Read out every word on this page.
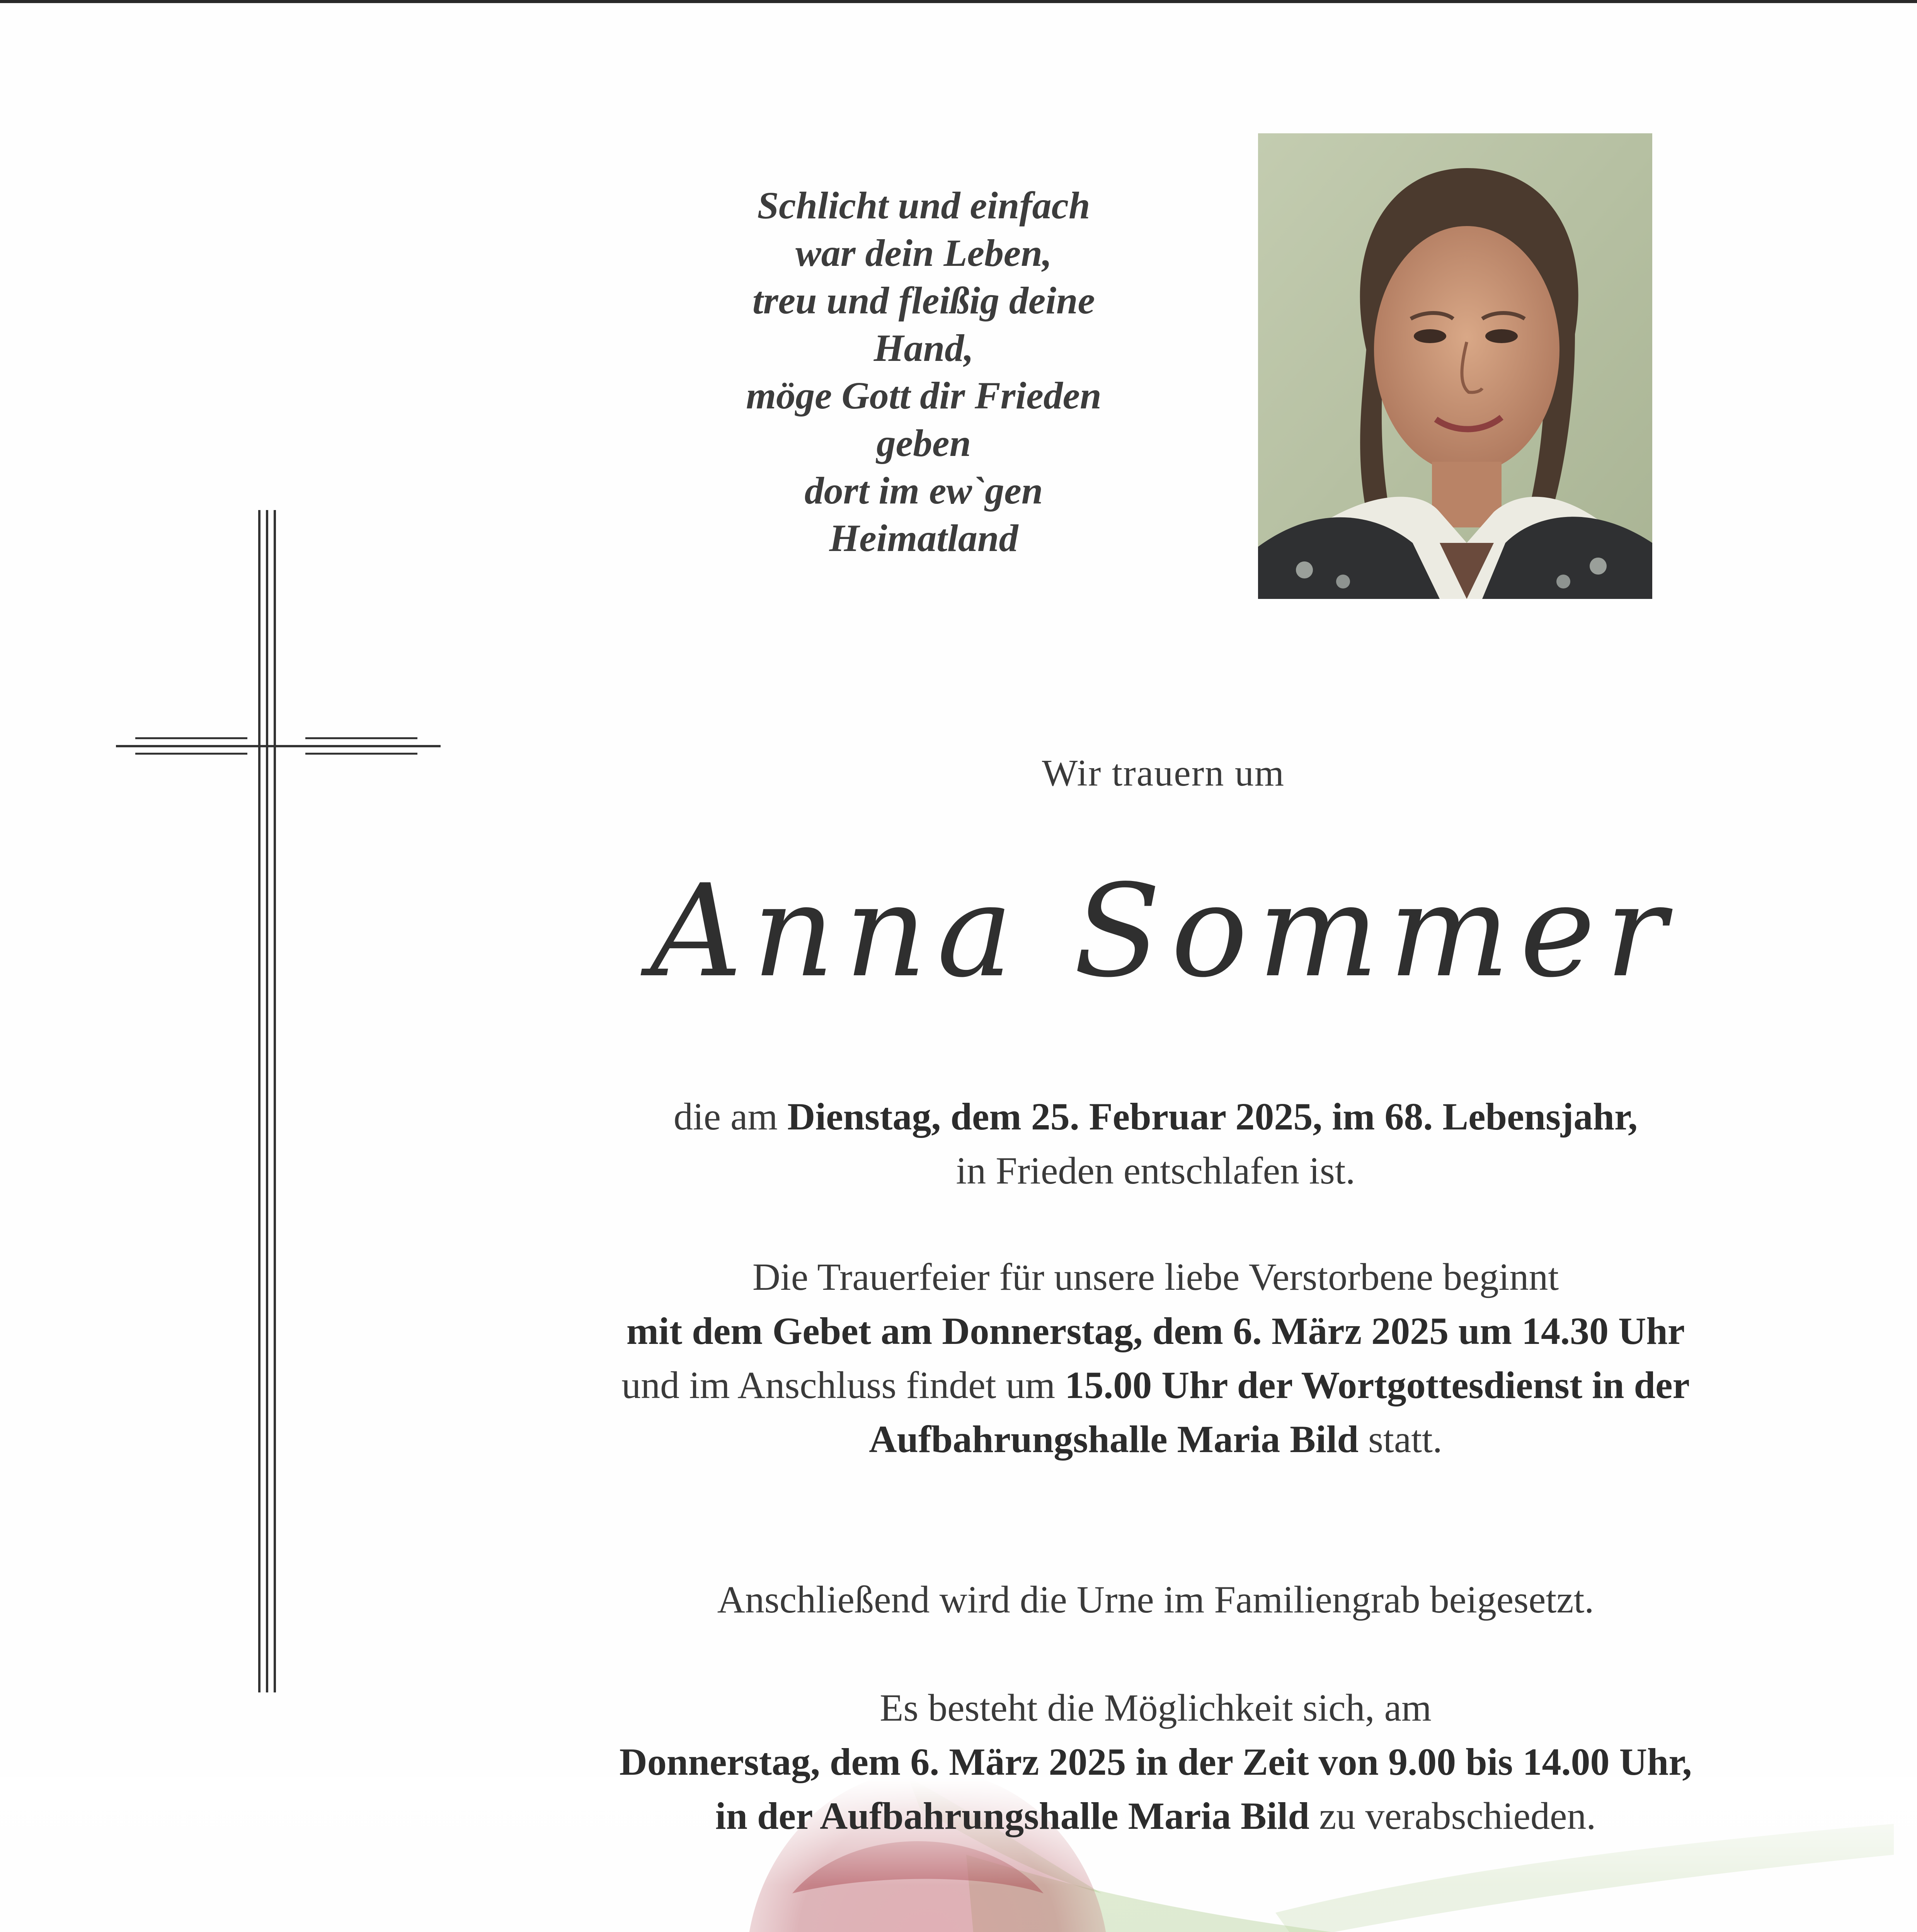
Schlicht und einfach
war dein Leben,
treu und fleißig deine
Hand,
möge Gott dir Frieden
geben
dort im ew`gen
Heimatland
Wir trauern um
Anna Sommer
die am Dienstag, dem 25. Februar 2025, im 68. Lebensjahr,
in Frieden entschlafen ist.
Die Trauerfeier für unsere liebe Verstorbene beginnt
mit dem Gebet am Donnerstag, dem 6. März 2025 um 14.30 Uhr
und im Anschluss findet um 15.00 Uhr der Wortgottesdienst in der
Aufbahrungshalle Maria Bild statt.
Anschließend wird die Urne im Familiengrab beigesetzt.
Es besteht die Möglichkeit sich, am
Donnerstag, dem 6. März 2025 in der Zeit von 9.00 bis 14.00 Uhr,
in der Aufbahrungshalle Maria Bild zu verabschieden.
